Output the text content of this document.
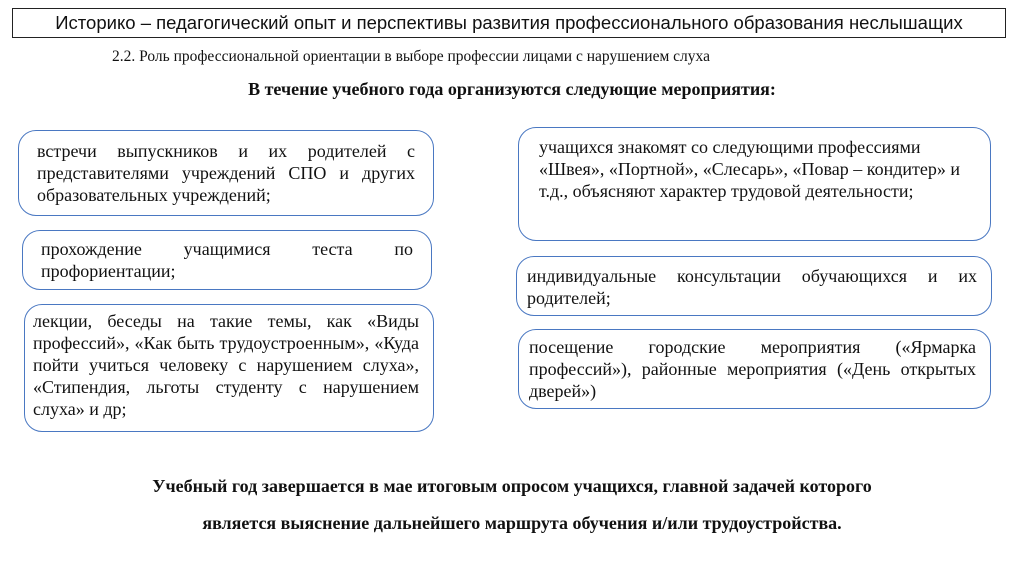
Историко – педагогический опыт и перспективы развития профессионального образования неслышащих
2.2. Роль профессиональной ориентации в выборе профессии лицами с нарушением слуха
В течение учебного года организуются следующие мероприятия:
встречи выпускников и их родителей с представителями учреждений СПО и других образовательных учреждений;
прохождение учащимися теста по профориентации;
лекции, беседы на такие темы, как «Виды профессий», «Как быть трудоустроенным», «Куда пойти учиться человеку с нарушением слуха», «Стипендия, льготы студенту с нарушением слуха» и др;
учащихся знакомят со следующими профессиями «Швея», «Портной», «Слесарь», «Повар – кондитер» и т.д., объясняют характер трудовой деятельности;
индивидуальные консультации обучающихся и их родителей;
посещение городские мероприятия («Ярмарка профессий»), районные мероприятия («День открытых дверей»)
Учебный год завершается в мае итоговым опросом учащихся, главной задачей которого
является выяснение дальнейшего маршрута обучения и/или трудоустройства.
